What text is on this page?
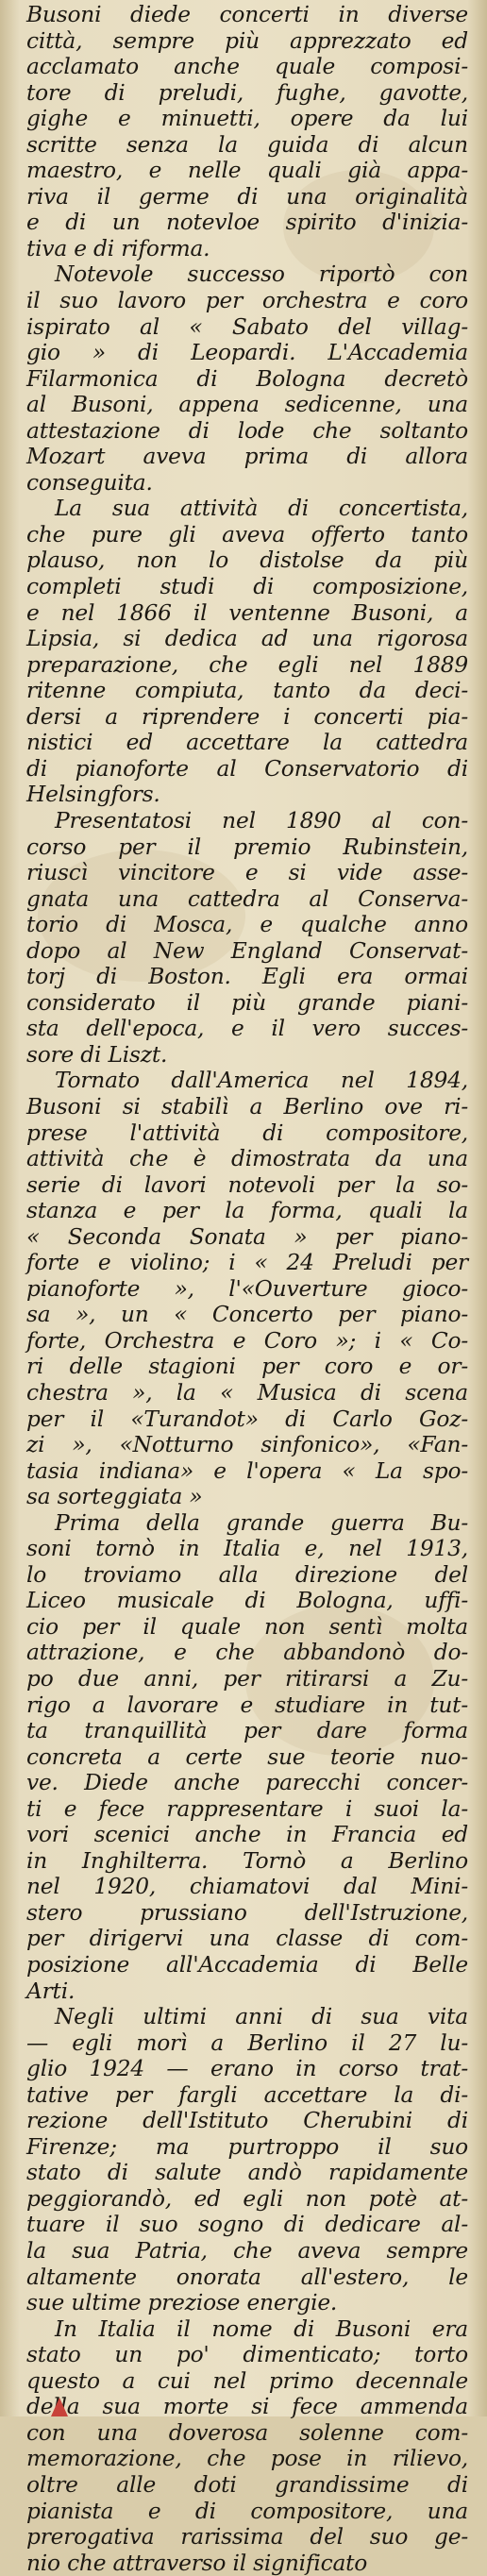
Busoni diede concerti in diverse
città, sempre più apprezzato ed
acclamato anche quale composi-
tore di preludi, fughe, gavotte,
gighe e minuetti, opere da lui
scritte senza la guida di alcun
maestro, e nelle quali già appa-
riva il germe di una originalità
e di un notevloe spirito d'inizia-
tiva e di riforma.
Notevole successo riportò con
il suo lavoro per orchestra e coro
ispirato al « Sabato del villag-
gio » di Leopardi. L'Accademia
Filarmonica di Bologna decretò
al Busoni, appena sedicenne, una
attestazione di lode che soltanto
Mozart aveva prima di allora
conseguita.
La sua attività di concertista,
che pure gli aveva offerto tanto
plauso, non lo distolse da più
completi studi di composizione,
e nel 1866 il ventenne Busoni, a
Lipsia, si dedica ad una rigorosa
preparazione, che egli nel 1889
ritenne compiuta, tanto da deci-
dersi a riprendere i concerti pia-
nistici ed accettare la cattedra
di pianoforte al Conservatorio di
Helsingfors.
Presentatosi nel 1890 al con-
corso per il premio Rubinstein,
riuscì vincitore e si vide asse-
gnata una cattedra al Conserva-
torio di Mosca, e qualche anno
dopo al New England Conservat-
torj di Boston. Egli era ormai
considerato il più grande piani-
sta dell'epoca, e il vero succes-
sore di Liszt.
Tornato dall'America nel 1894,
Busoni si stabilì a Berlino ove ri-
prese l'attività di compositore,
attività che è dimostrata da una
serie di lavori notevoli per la so-
stanza e per la forma, quali la
« Seconda Sonata » per piano-
forte e violino; i « 24 Preludi per
pianoforte », l'«Ouverture gioco-
sa », un « Concerto per piano-
forte, Orchestra e Coro »; i « Co-
ri delle stagioni per coro e or-
chestra », la « Musica di scena
per il «Turandot» di Carlo Goz-
zi », «Notturno sinfonico», «Fan-
tasia indiana» e l'opera « La spo-
sa sorteggiata »
Prima della grande guerra Bu-
soni tornò in Italia e, nel 1913,
lo troviamo alla direzione del
Liceo musicale di Bologna, uffi-
cio per il quale non sentì molta
attrazione, e che abbandonò do-
po due anni, per ritirarsi a Zu-
rigo a lavorare e studiare in tut-
ta tranquillità per dare forma
concreta a certe sue teorie nuo-
ve. Diede anche parecchi concer-
ti e fece rappresentare i suoi la-
vori scenici anche in Francia ed
in Inghilterra. Tornò a Berlino
nel 1920, chiamatovi dal Mini-
stero prussiano dell'Istruzione,
per dirigervi una classe di com-
posizione all'Accademia di Belle
Arti.
Negli ultimi anni di sua vita
— egli morì a Berlino il 27 lu-
glio 1924 — erano in corso trat-
tative per fargli accettare la di-
rezione dell'Istituto Cherubini di
Firenze; ma purtroppo il suo
stato di salute andò rapidamente
peggiorandò, ed egli non potè at-
tuare il suo sogno di dedicare al-
la sua Patria, che aveva sempre
altamente onorata all'estero, le
sue ultime preziose energie.
In Italia il nome di Busoni era
stato un po' dimenticato; torto
questo a cui nel primo decennale
della sua morte si fece ammenda
con una doverosa solenne com-
memorazione, che pose in rilievo,
oltre alle doti grandissime di
pianista e di compositore, una
prerogativa rarissima del suo ge-
nio che attraverso il significato
